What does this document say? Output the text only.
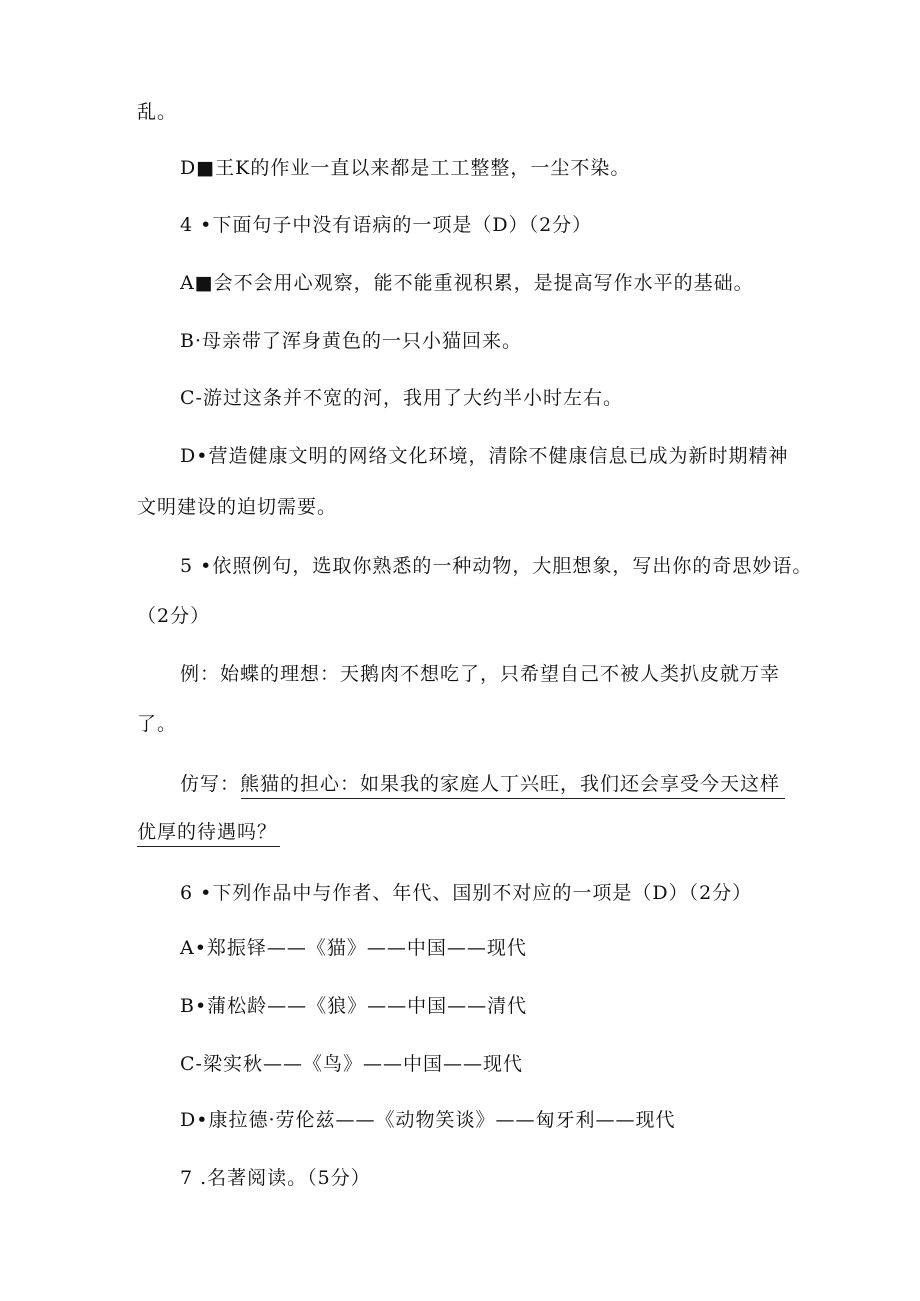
乱。
D■王K的作业一直以来都是工工整整，一尘不染。
4 •下面句子中没有语病的一项是（D）（2分）
A■会不会用心观察，能不能重视积累，是提高写作水平的基础。
B·母亲带了浑身黄色的一只小猫回来。
C-游过这条并不宽的河，我用了大约半小时左右。
D•营造健康文明的网络文化环境，清除不健康信息已成为新时期精神
文明建设的迫切需要。
5 •依照例句，选取你熟悉的一种动物，大胆想象，写出你的奇思妙语。
（2分）
例：始蝶的理想：天鹅肉不想吃了，只希望自己不被人类扒皮就万幸
了。
仿写：熊猫的担心：如果我的家庭人丁兴旺，我们还会享受今天这样
优厚的待遇吗？
6 •下列作品中与作者、年代、国别不对应的一项是（D）（2分）
A•郑振铎——《猫》——中国——现代
B•蒲松龄——《狼》——中国——清代
C-梁实秋——《鸟》——中国——现代
D•康拉德·劳伦兹——《动物笑谈》——匈牙利——现代
7 .名著阅读。（5分）
